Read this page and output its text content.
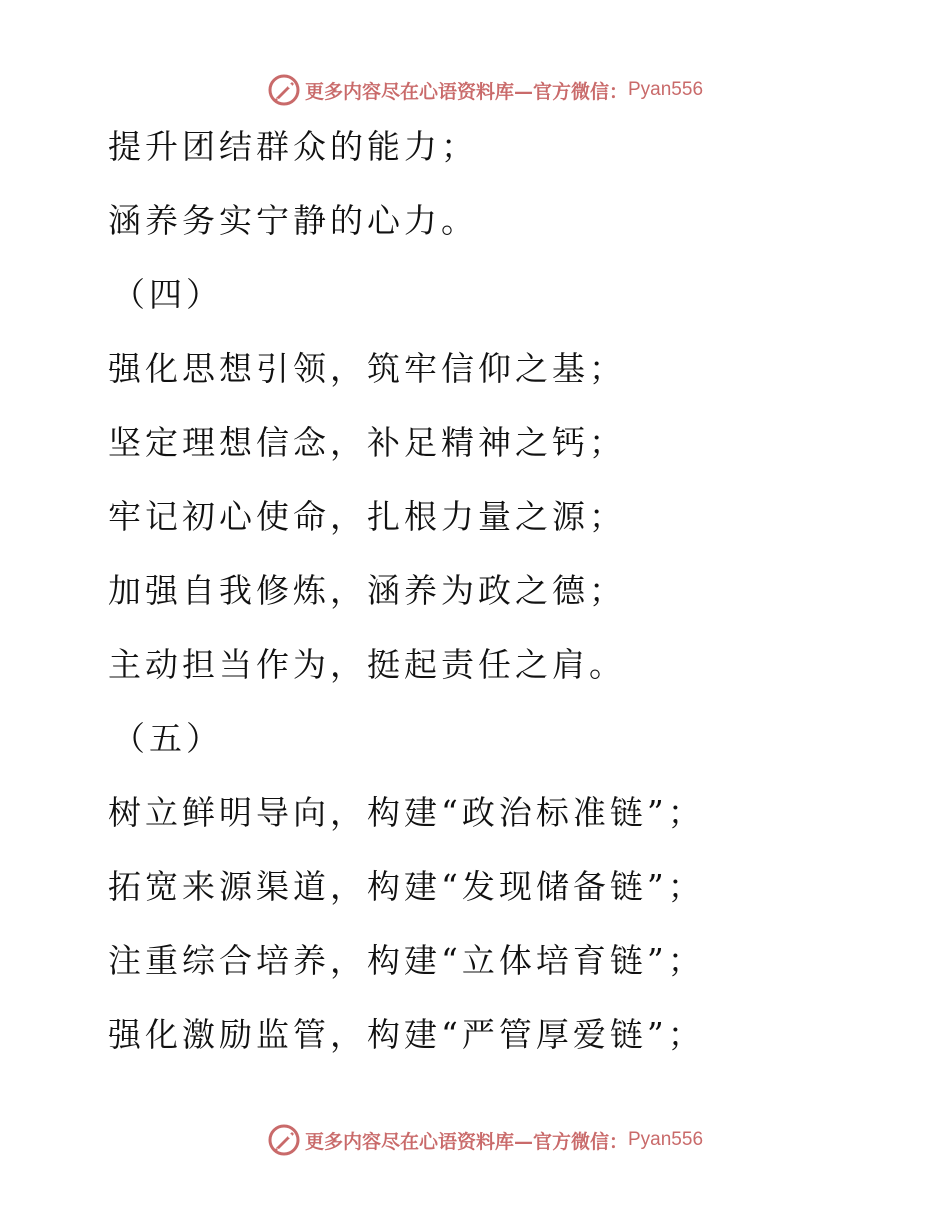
更多内容尽在心语资料库—官方微信： Pyan556
提升团结群众的能力；
涵养务实宁静的心力。
（四）
强化思想引领，筑牢信仰之基；
坚定理想信念，补足精神之钙；
牢记初心使命，扎根力量之源；
加强自我修炼，涵养为政之德；
主动担当作为，挺起责任之肩。
（五）
树立鲜明导向，构建“政治标准链”；
拓宽来源渠道，构建“发现储备链”；
注重综合培养，构建“立体培育链”；
强化激励监管，构建“严管厚爱链”；
更多内容尽在心语资料库—官方微信： Pyan556
